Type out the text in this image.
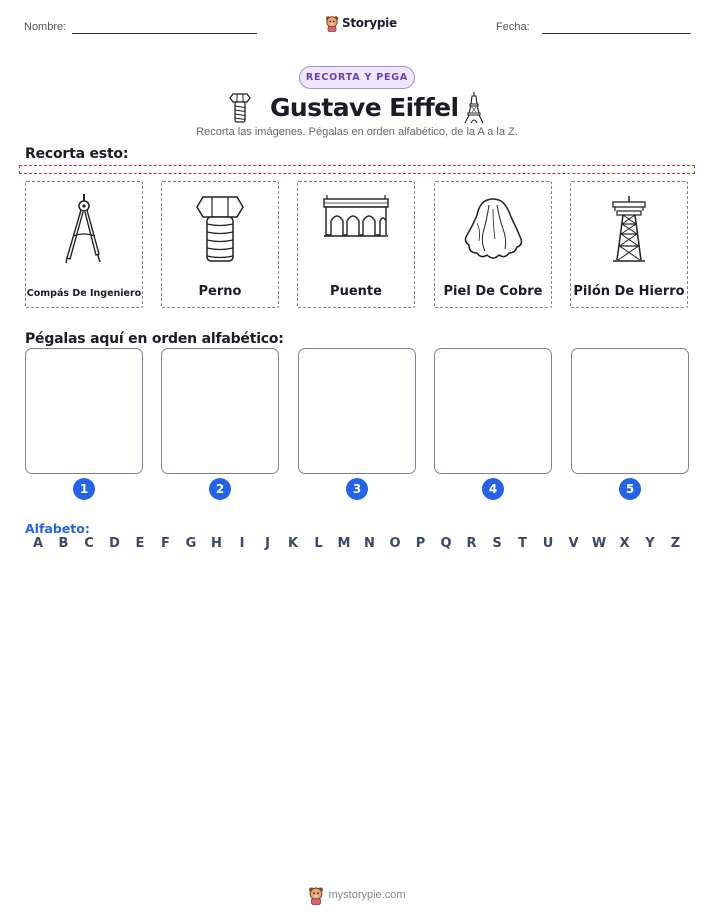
Nombre:	Storypie	Fecha:
RECORTA Y PEGA
Gustave Eiffel
Recorta las imágenes. Pégalas en orden alfabético, de la A a la Z.
Recorta esto:
Compás De Ingeniero	Perno	Puente	Piel De Cobre	Pilón De Hierro
Pégalas aquí en orden alfabético:
1	2	3	4	5
Alfabeto:
A B C D E F G H	I	J	K L M N O P Q R S T U V W X Y Z
mystorypie.com
